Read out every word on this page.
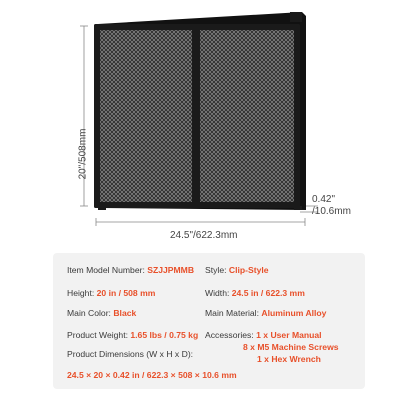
20"/508mm
24.5"/622.3mm
0.42"
/10.6mm
Item Model Number: SZJJPMMB Style: Clip-Style
Height: 20 in / 508 mm	Width: 24.5 in / 622.3 mm
Main Color: Black	Main Material: Aluminum Alloy
Product Weight: 1.65 lbs / 0.75 kg Accessories: 1 x User Manual
8 x M5 Machine Screws
1 x Hex Wrench
Product Dimensions (W x H x D):
24.5 × 20 × 0.42 in / 622.3 × 508 × 10.6 mm
